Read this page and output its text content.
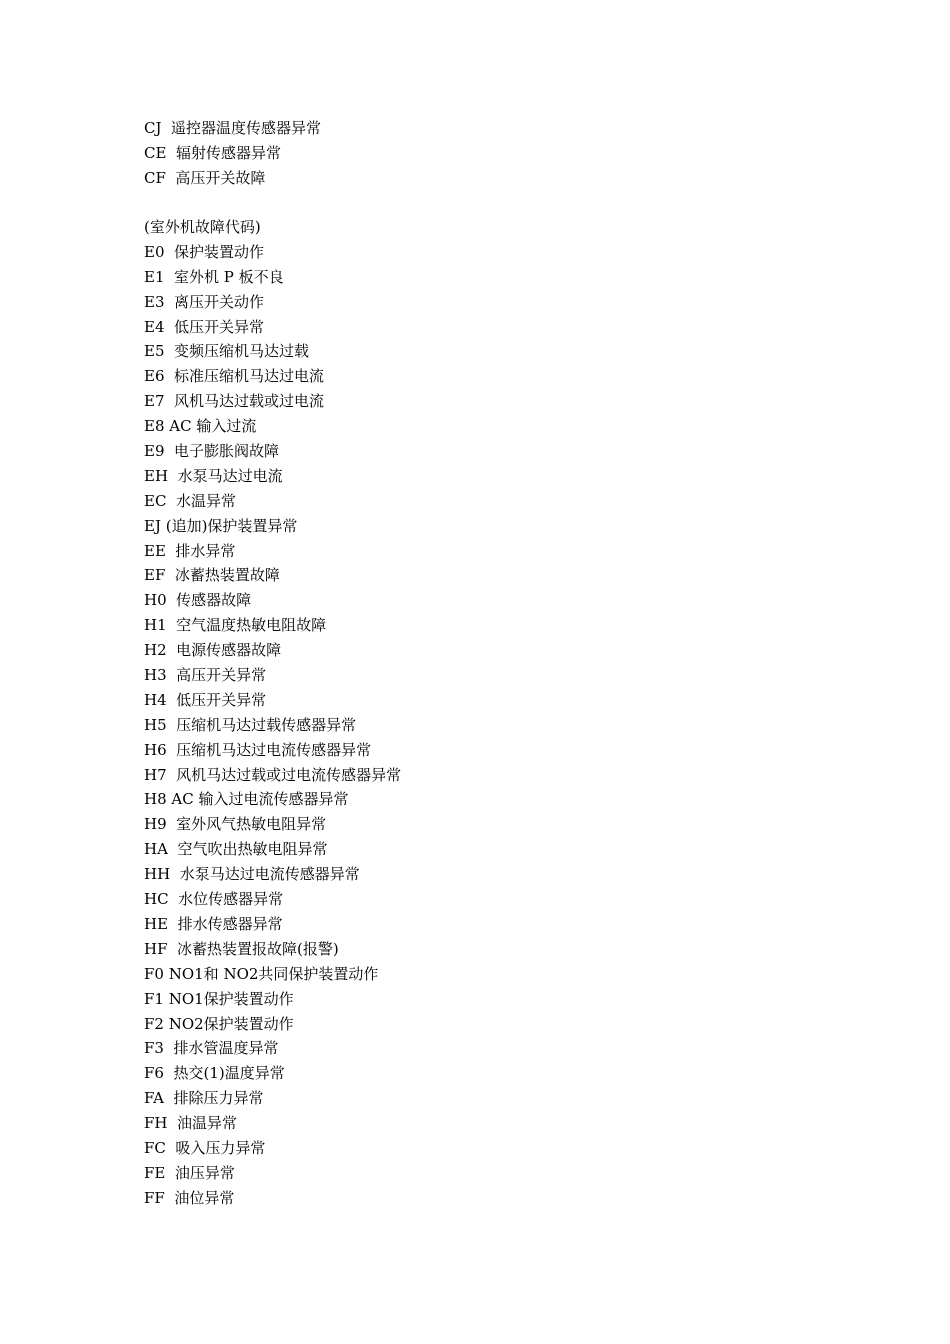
CJ  遥控器温度传感器异常
CE  辐射传感器异常
CF  高压开关故障
(室外机故障代码)
E0  保护装置动作
E1  室外机 P 板不良
E3  离压开关动作
E4  低压开关异常
E5  变频压缩机马达过载
E6  标准压缩机马达过电流
E7  风机马达过载或过电流
E8 AC 输入过流
E9  电子膨胀阀故障
EH  水泵马达过电流
EC  水温异常
EJ (追加)保护装置异常
EE  排水异常
EF  冰蓄热装置故障
H0  传感器故障
H1  空气温度热敏电阻故障
H2  电源传感器故障
H3  高压开关异常
H4  低压开关异常
H5  压缩机马达过载传感器异常
H6  压缩机马达过电流传感器异常
H7  风机马达过载或过电流传感器异常
H8 AC 输入过电流传感器异常
H9  室外风气热敏电阻异常
HA  空气吹出热敏电阻异常
HH  水泵马达过电流传感器异常
HC  水位传感器异常
HE  排水传感器异常
HF  冰蓄热装置报故障(报警)
F0 NO1和 NO2共同保护装置动作
F1 NO1保护装置动作
F2 NO2保护装置动作
F3  排水管温度异常
F6  热交(1)温度异常
FA  排除压力异常
FH  油温异常
FC  吸入压力异常
FE  油压异常
FF  油位异常
